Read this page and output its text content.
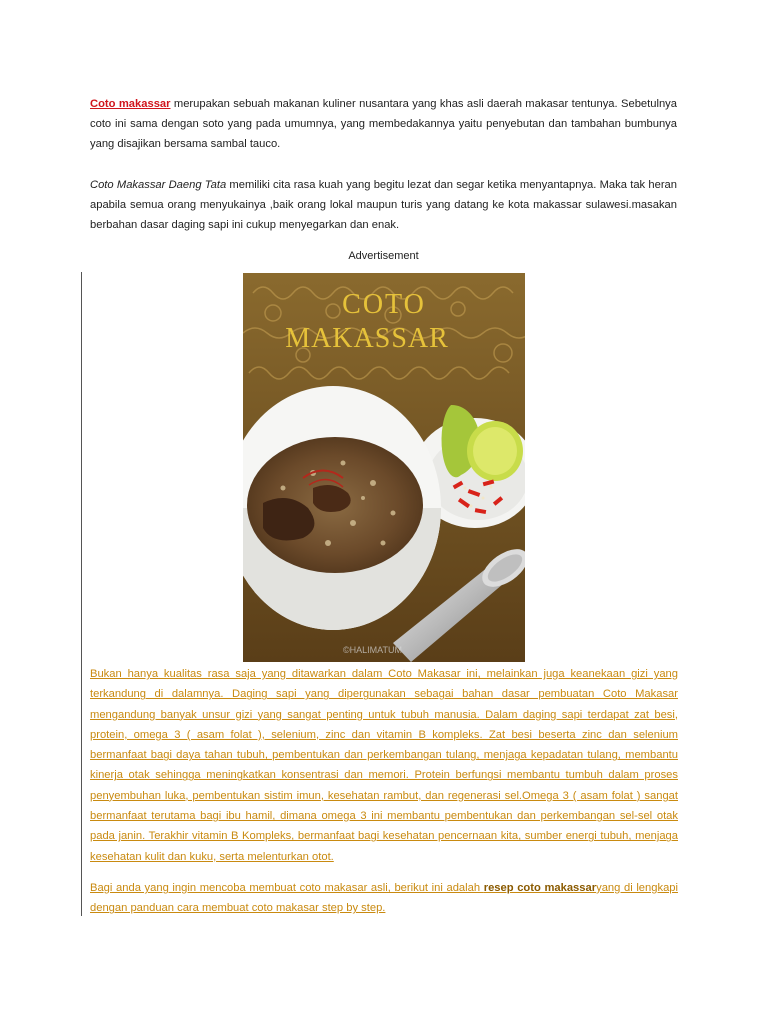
Coto makassar merupakan sebuah makanan kuliner nusantara yang khas asli daerah makasar tentunya. Sebetulnya coto ini sama dengan soto yang pada umumnya, yang membedakannya yaitu penyebutan dan tambahan bumbunya yang disajikan bersama sambal tauco.

Coto Makassar Daeng Tata memiliki cita rasa kuah yang begitu lezat dan segar ketika menyantapnya. Maka tak heran apabila semua orang menyukainya ,baik orang lokal maupun turis yang datang ke kota makassar sulawesi.masakan berbahan dasar daging sapi ini cukup menyegarkan dan enak.

Advertisement

COTO
MAKASSAR
©HALIMATUM

Bukan hanya kualitas rasa saja yang ditawarkan dalam Coto Makasar ini, melainkan juga keanekaan gizi yang terkandung di dalamnya. Daging sapi yang dipergunakan sebagai bahan dasar pembuatan Coto Makasar mengandung banyak unsur gizi yang sangat penting untuk tubuh manusia. Dalam daging sapi terdapat zat besi, protein, omega 3 ( asam folat ), selenium, zinc dan vitamin B kompleks. Zat besi beserta zinc dan selenium bermanfaat bagi daya tahan tubuh, pembentukan dan perkembangan tulang, menjaga kepadatan tulang, membantu kinerja otak sehingga meningkatkan konsentrasi dan memori. Protein berfungsi membantu tumbuh dalam proses penyembuhan luka, pembentukan sistim imun, kesehatan rambut, dan regenerasi sel.Omega 3 ( asam folat ) sangat bermanfaat terutama bagi ibu hamil, dimana omega 3 ini membantu pembentukan dan perkembangan sel-sel otak pada janin. Terakhir vitamin B Kompleks, bermanfaat bagi kesehatan pencernaan kita, sumber energi tubuh, menjaga kesehatan kulit dan kuku, serta melenturkan otot.

Bagi anda yang ingin mencoba membuat coto makasar asli, berikut ini adalah resep coto makassaryang di lengkapi dengan panduan cara membuat coto makasar step by step.
